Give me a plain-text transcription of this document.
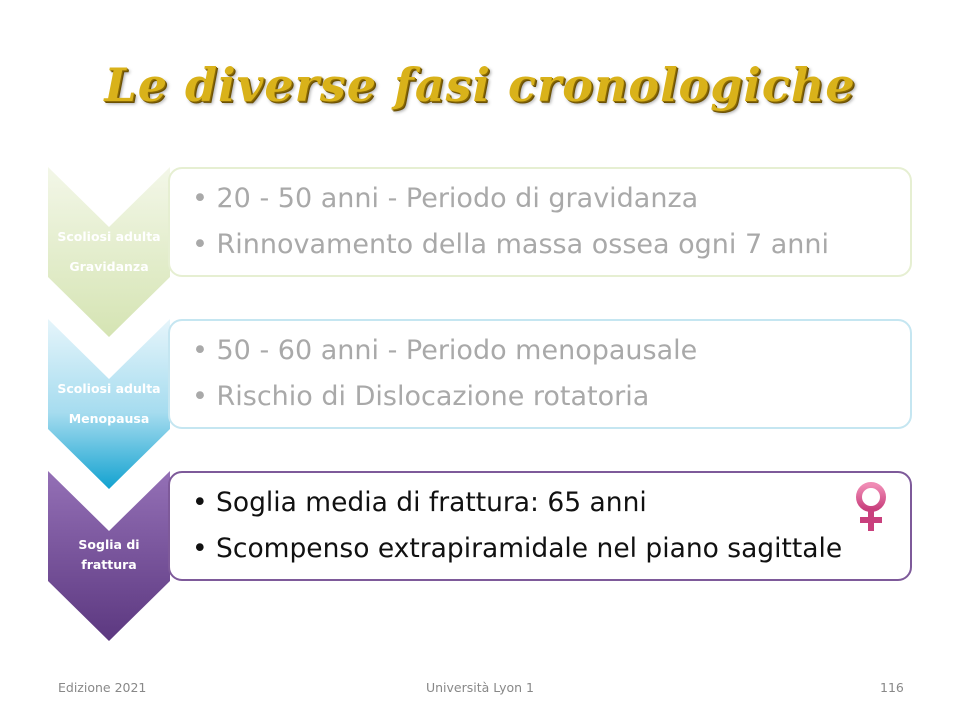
Le diverse fasi cronologiche
Scoliosi adulta
Gravidanza
• 20 - 50 anni - Periodo di gravidanza
• Rinnovamento della massa ossea ogni 7 anni
Scoliosi adulta
Menopausa
• 50 - 60 anni - Periodo menopausale
• Rischio di Dislocazione rotatoria
Soglia di
frattura
• Soglia media di frattura: 65 anni
• Scompenso extrapiramidale nel piano sagittale
Edizione 2021	Università Lyon 1	116
